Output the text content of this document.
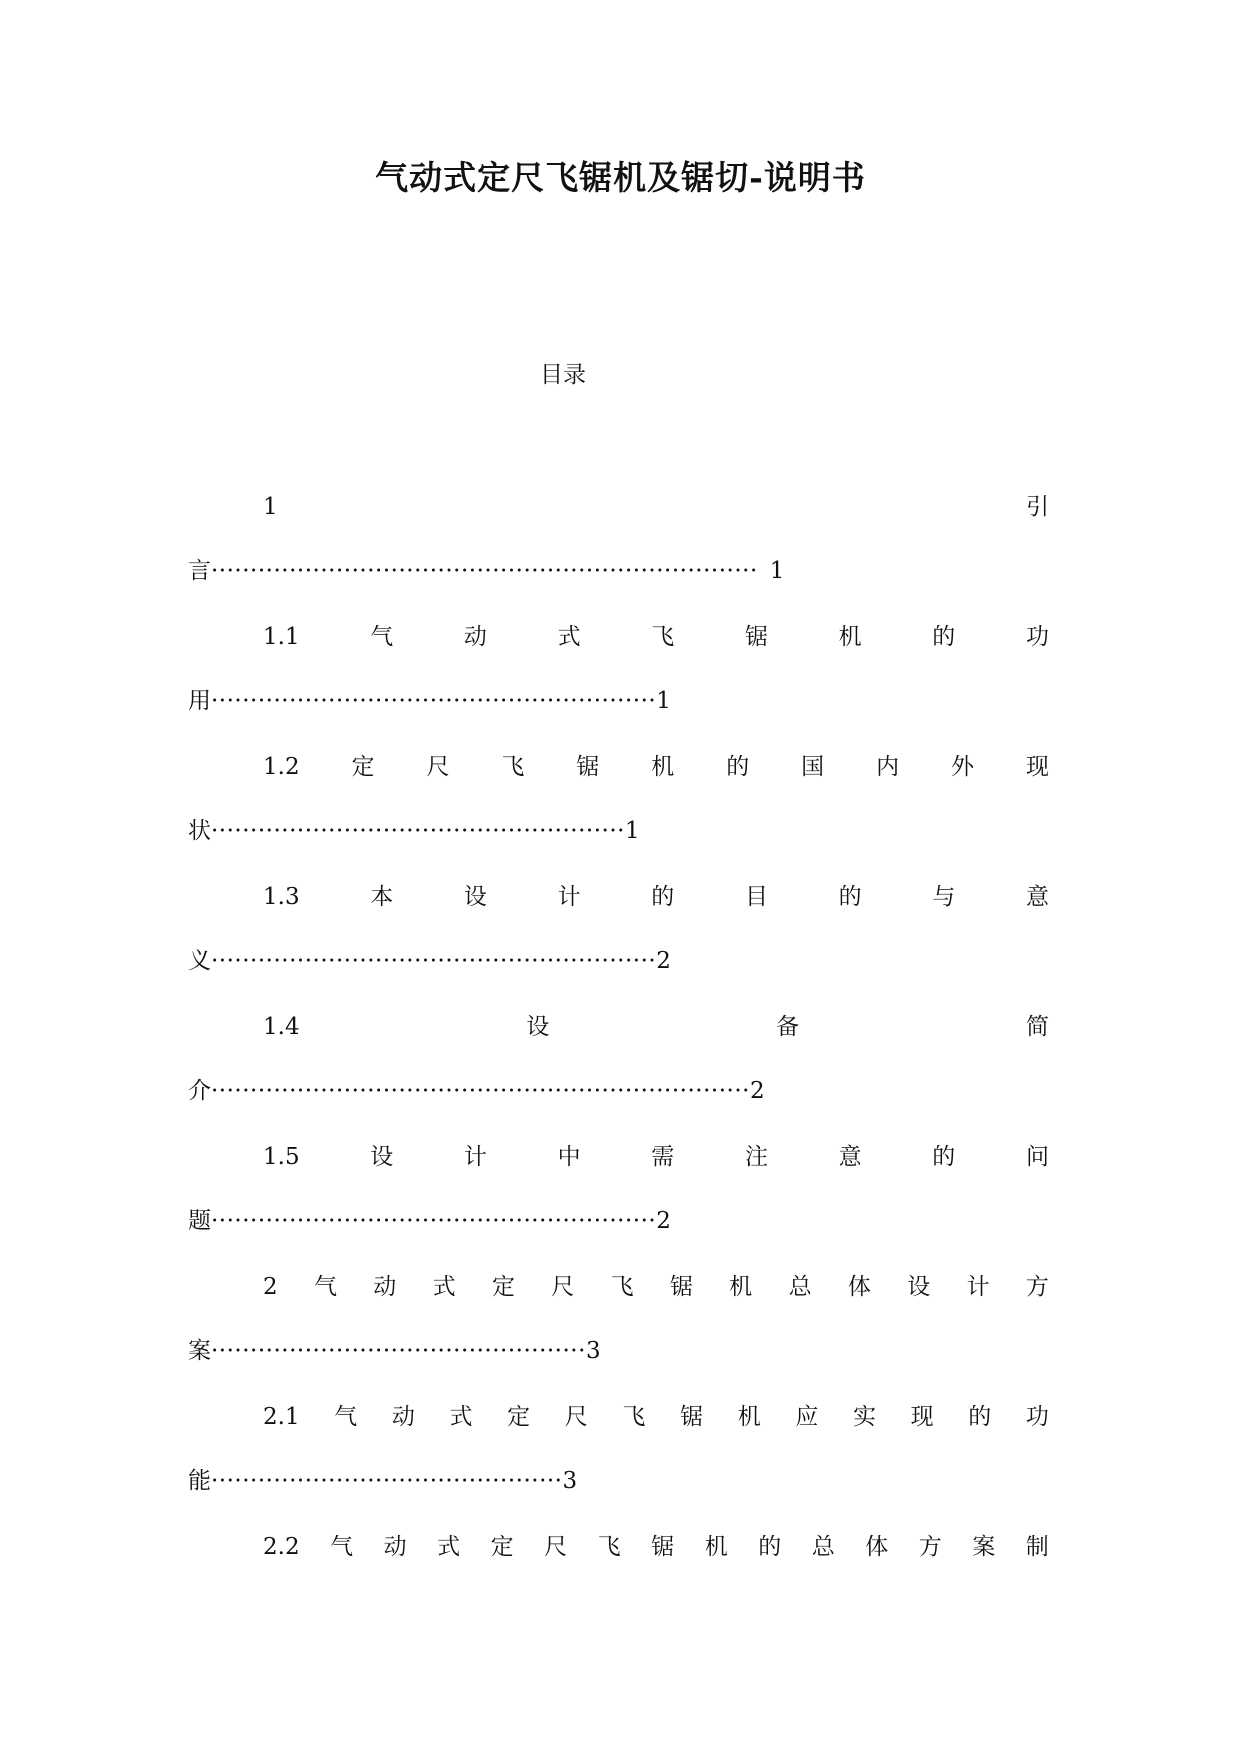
气动式定尺飞锯机及锯切-说明书
目录
1	引
言······································································ 1
1.1	气	动	式	飞	锯	机	的	功
用·························································1
1.2 定 尺 飞 锯 机 的 国 内 外 现
状·····················································1
1.3	本	设	计	的	目	的	与	意
义·························································2
1.4	设	备	简
介·····································································2
1.5	设	计	中	需	注	意	的	问
题·························································2
2 气 动 式 定 尺 飞 锯 机 总 体 设 计 方
案················································3
2.1 气 动 式 定 尺 飞 锯 机 应 实 现 的 功
能·············································3
2.2 气 动 式 定 尺 飞 锯 机 的 总 体 方 案 制
